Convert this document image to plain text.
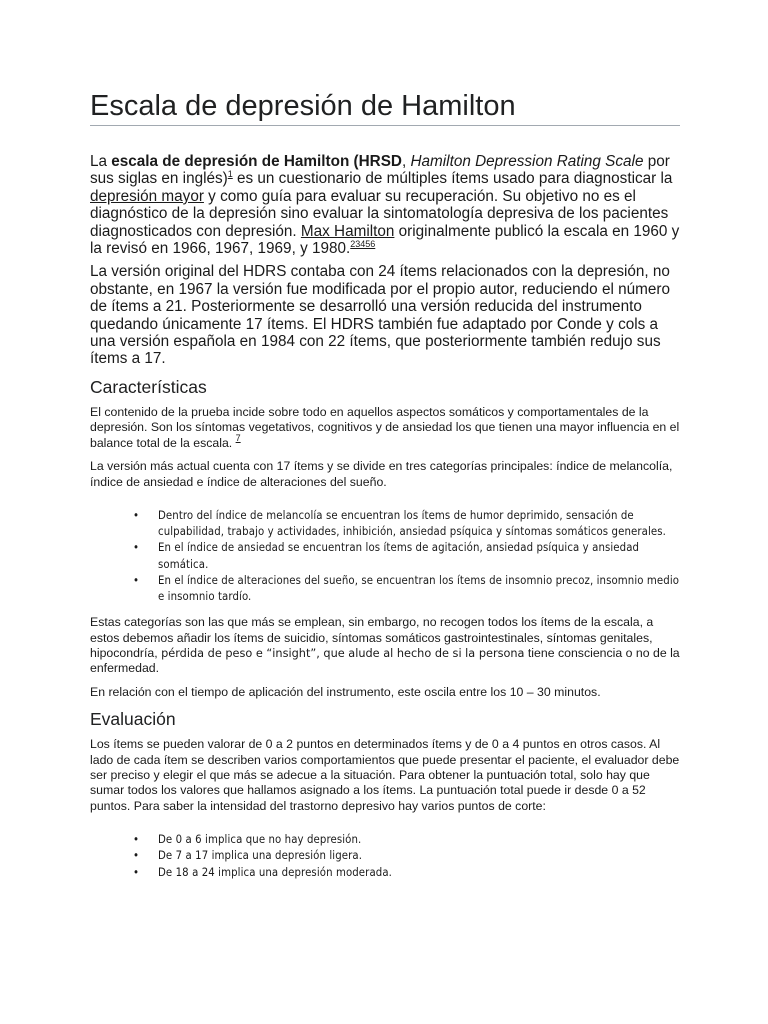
Escala de depresión de Hamilton

La escala de depresión de Hamilton (HRSD, Hamilton Depression Rating Scale por sus siglas en inglés)$^1$ es un cuestionario de múltiples ítems usado para diagnosticar la depresión mayor y como guía para evaluar su recuperación. Su objetivo no es el diagnóstico de la depresión sino evaluar la sintomatología depresiva de los pacientes diagnosticados con depresión. Max Hamilton originalmente publicó la escala en 1960 y la revisó en 1966, 1967, 1969, y 1980.$^{23456}$

La versión original del HDRS contaba con 24 ítems relacionados con la depresión, no obstante, en 1967 la versión fue modificada por el propio autor, reduciendo el número de ítems a 21. Posteriormente se desarrolló una versión reducida del instrumento quedando únicamente 17 ítems. El HDRS también fue adaptado por Conde y cols a una versión española en 1984 con 22 ítems, que posteriormente también redujo sus ítems a 17.

Características

El contenido de la prueba incide sobre todo en aquellos aspectos somáticos y comportamentales de la depresión. Son los síntomas vegetativos, cognitivos y de ansiedad los que tienen una mayor influencia en el balance total de la escala. $^7$

La versión más actual cuenta con 17 ítems y se divide en tres categorías principales: índice de melancolía, índice de ansiedad e índice de alteraciones del sueño.

• Dentro del índice de melancolía se encuentran los ítems de humor deprimido, sensación de culpabilidad, trabajo y actividades, inhibición, ansiedad psíquica y síntomas somáticos generales.
• En el índice de ansiedad se encuentran los ítems de agitación, ansiedad psíquica y ansiedad somática.
• En el índice de alteraciones del sueño, se encuentran los ítems de insomnio precoz, insomnio medio e insomnio tardío.

Estas categorías son las que más se emplean, sin embargo, no recogen todos los ítems de la escala, a estos debemos añadir los ítems de suicidio, síntomas somáticos gastrointestinales, síntomas genitales, hipocondría, pérdida de peso e “insight”, que alude al hecho de si la persona tiene consciencia o no de la enfermedad.

En relación con el tiempo de aplicación del instrumento, este oscila entre los 10 – 30 minutos.

Evaluación

Los ítems se pueden valorar de 0 a 2 puntos en determinados ítems y de 0 a 4 puntos en otros casos. Al lado de cada ítem se describen varios comportamientos que puede presentar el paciente, el evaluador debe ser preciso y elegir el que más se adecue a la situación. Para obtener la puntuación total, solo hay que sumar todos los valores que hallamos asignado a los ítems. La puntuación total puede ir desde 0 a 52 puntos. Para saber la intensidad del trastorno depresivo hay varios puntos de corte:

• De 0 a 6 implica que no hay depresión.
• De 7 a 17 implica una depresión ligera.
• De 18 a 24 implica una depresión moderada.
